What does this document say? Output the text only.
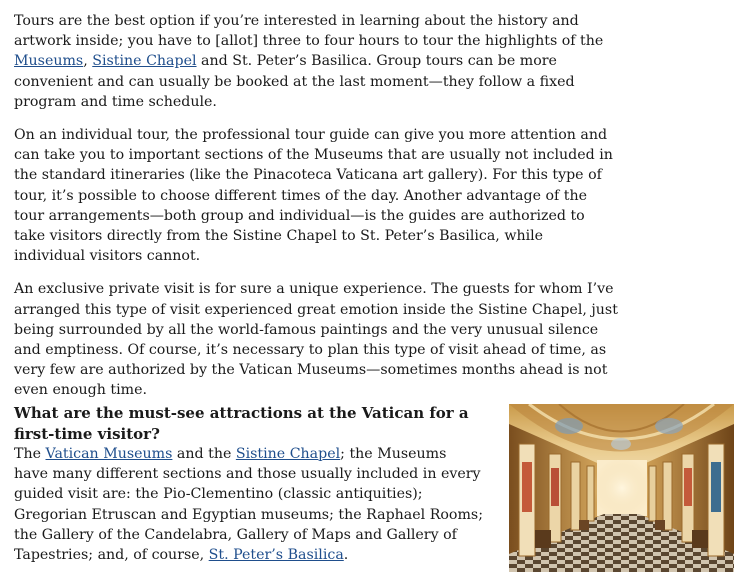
Tours are the best option if you’re interested in learning about the history and artwork inside; you have to [allot] three to four hours to tour the highlights of the Museums, Sistine Chapel and St. Peter’s Basilica. Group tours can be more convenient and can usually be booked at the last moment—they follow a fixed program and time schedule.

On an individual tour, the professional tour guide can give you more attention and can take you to important sections of the Museums that are usually not included in the standard itineraries (like the Pinacoteca Vaticana art gallery). For this type of tour, it’s possible to choose different times of the day. Another advantage of the tour arrangements—both group and individual—is the guides are authorized to take visitors directly from the Sistine Chapel to St. Peter’s Basilica, while individual visitors cannot.

An exclusive private visit is for sure a unique experience. The guests for whom I’ve arranged this type of visit experienced great emotion inside the Sistine Chapel, just being surrounded by all the world-famous paintings and the very unusual silence and emptiness. Of course, it’s necessary to plan this type of visit ahead of time, as very few are authorized by the Vatican Museums—sometimes months ahead is not even enough time.

What are the must-see attractions at the Vatican for a first-time visitor?

The Vatican Museums and the Sistine Chapel; the Museums have many different sections and those usually included in every guided visit are: the Pio-Clementino (classic antiquities); Gregorian Etruscan and Egyptian museums; the Raphael Rooms; the Gallery of the Candelabra, Gallery of Maps and Gallery of Tapestries; and, of course, St. Peter’s Basilica.
